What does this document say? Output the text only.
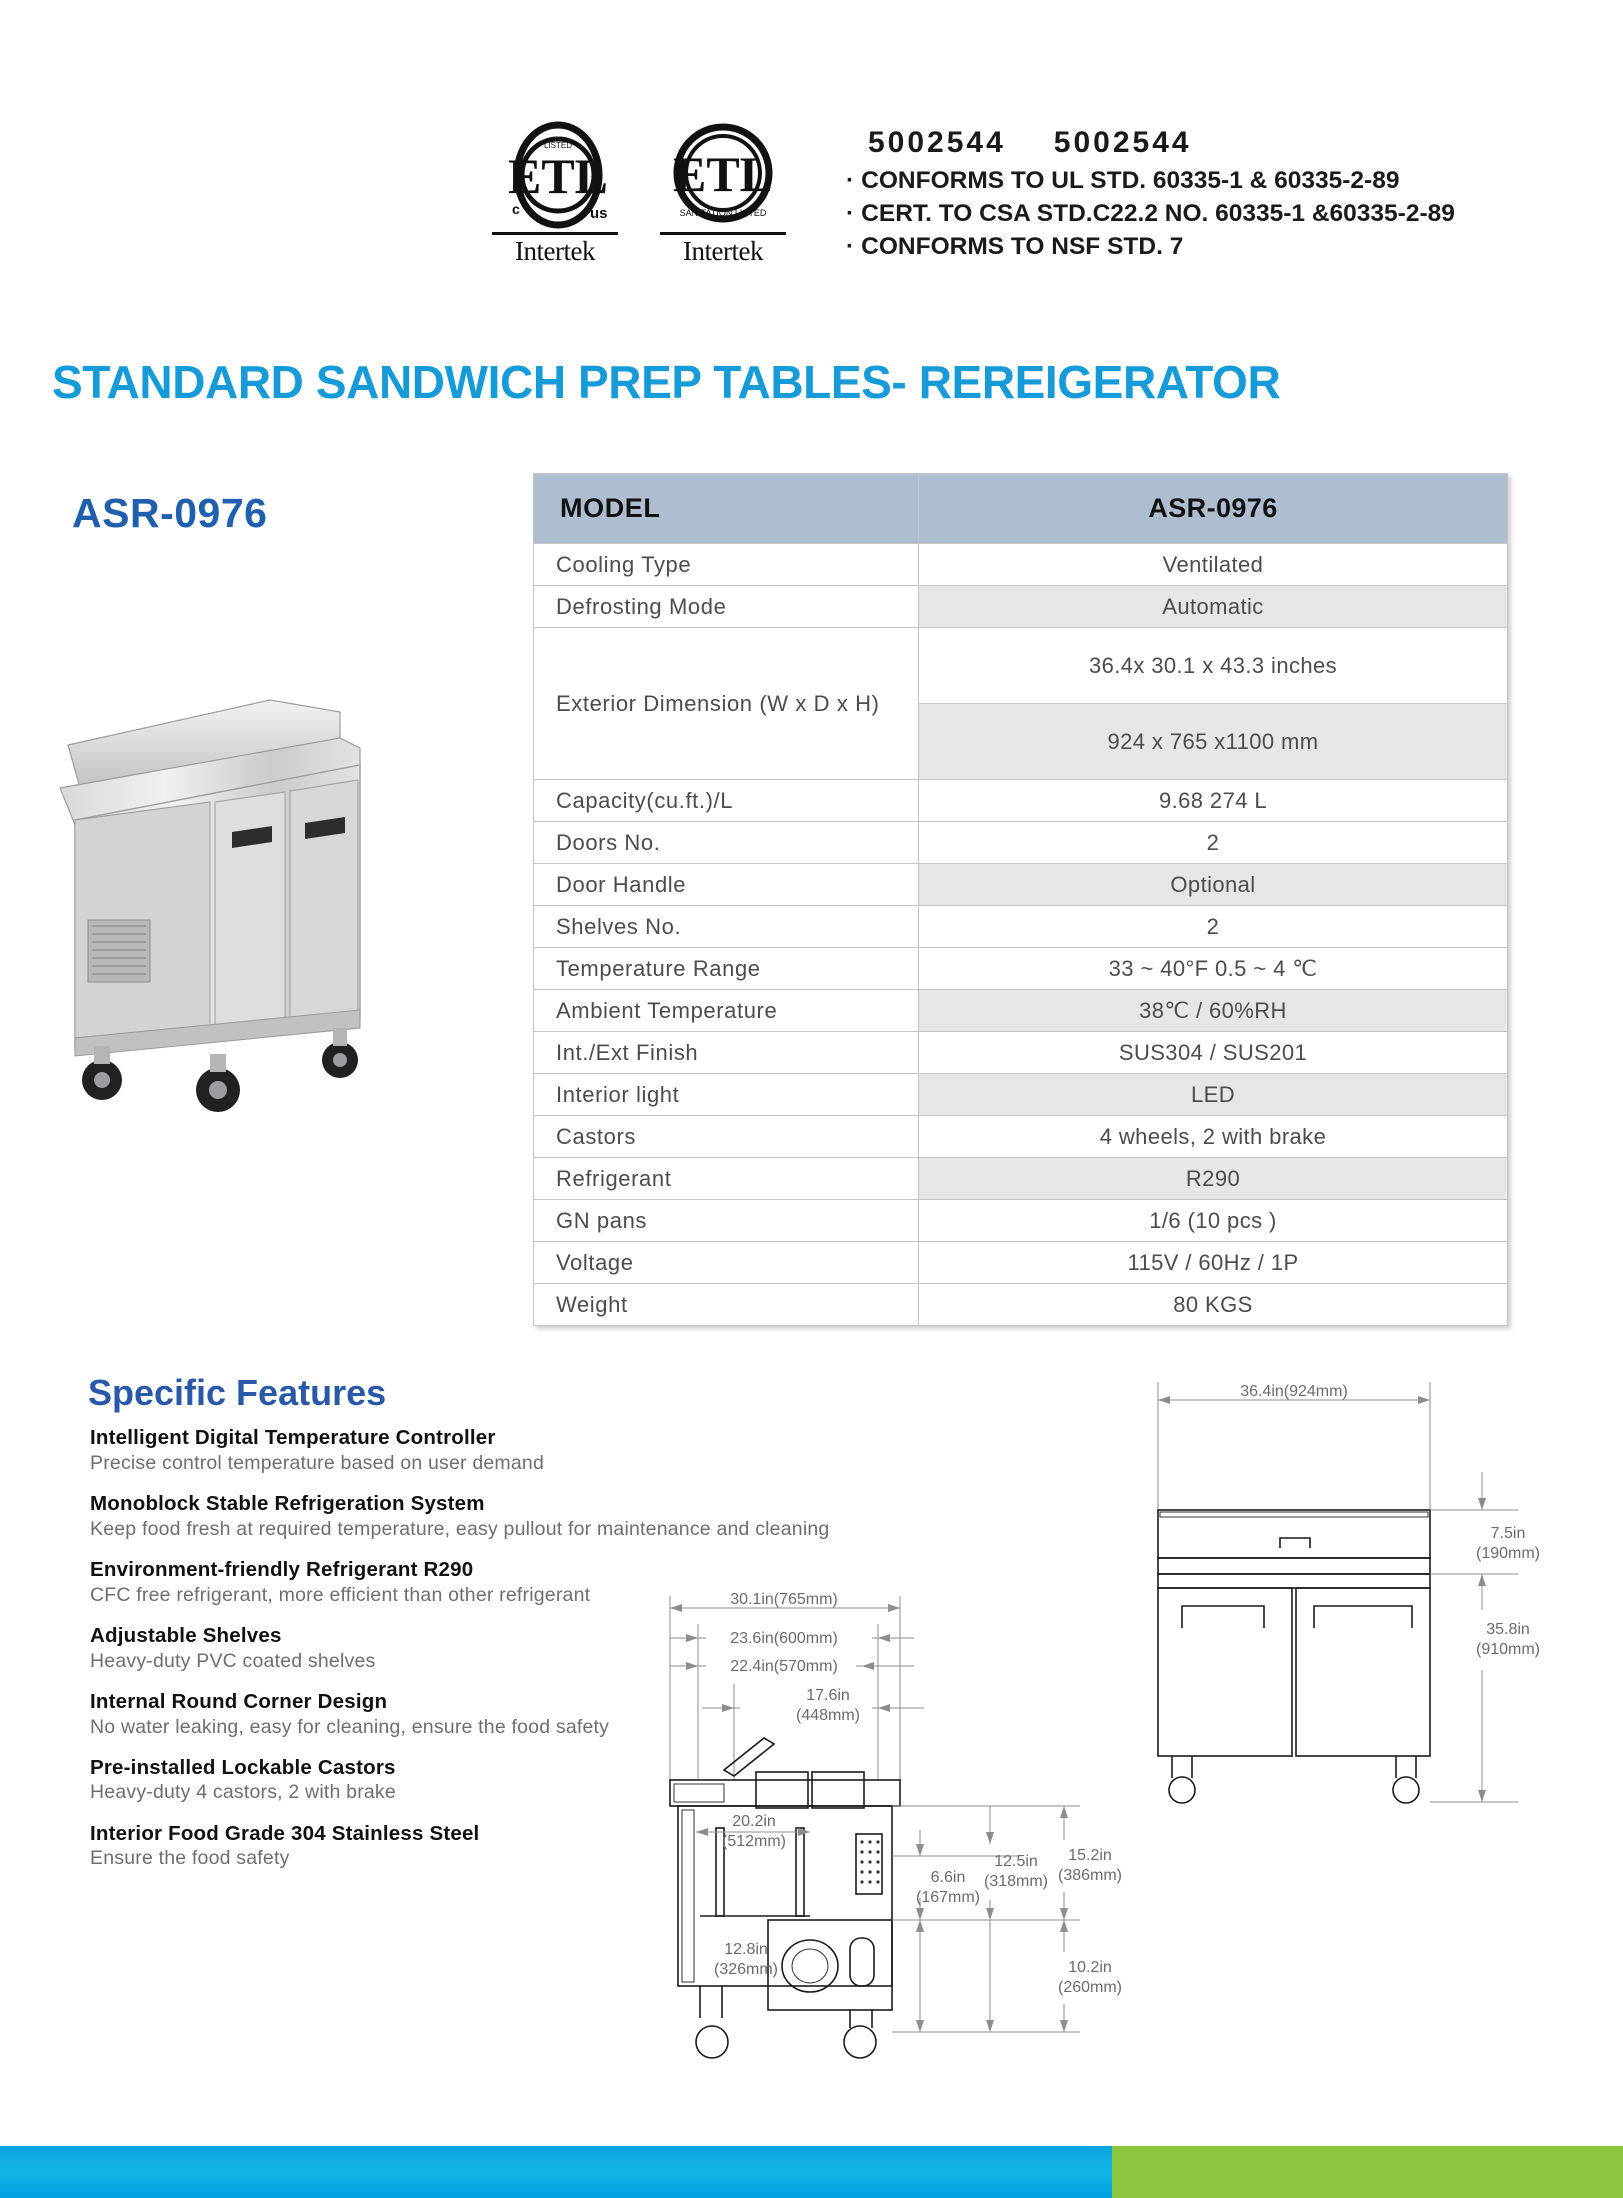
ETL
c	us
LISTED
Intertek
ETL
SANITATION LISTED
Intertek
5002544 5002544
· CONFORMS TO UL STD. 60335-1 & 60335-2-89
· CERT. TO CSA STD.C22.2 NO. 60335-1 &60335-2-89
· CONFORMS TO NSF STD. 7
STANDARD SANDWICH PREP TABLES- REREIGERATOR
ASR-0976	MODEL	ASR-0976
Cooling Type	Ventilated
Defrosting Mode	Automatic
Exterior Dimension (W x D x H)	36.4x 30.1 x 43.3 inches
	924 x 765 x1100 mm
Capacity(cu.ft.)/L	9.68 274 L
Doors No.	2
Door Handle	Optional
Shelves No.	2
Temperature Range	33 ~ 40°F 0.5 ~ 4 ℃
Ambient Temperature	38℃ / 60%RH
Int./Ext Finish	SUS304 / SUS201
Interior light	LED
Castors	4 wheels, 2 with brake
Refrigerant	R290
GN pans	1/6 (10 pcs )
Voltage	115V / 60Hz / 1P
Weight	80 KGS
Specific Features
Intelligent Digital Temperature Controller
Precise control temperature based on user demand
Monoblock Stable Refrigeration System
Keep food fresh at required temperature, easy pullout for maintenance and cleaning
Environment-friendly Refrigerant R290
CFC free refrigerant, more efficient than other refrigerant
Adjustable Shelves
Heavy-duty PVC coated shelves
Internal Round Corner Design
No water leaking, easy for cleaning, ensure the food safety
Pre-installed Lockable Castors
Heavy-duty 4 castors, 2 with brake
Interior Food Grade 304 Stainless Steel
Ensure the food safety
36.4in(924mm)
7.5in
(190mm)
35.8in
(910mm)
30.1in(765mm)
23.6in(600mm)
22.4in(570mm)
17.6in
(448mm)
20.2in
(512mm)
12.8in
(326mm)
6.6in
(167mm)
12.5in
(318mm)
15.2in
(386mm)
10.2in
(260mm)
